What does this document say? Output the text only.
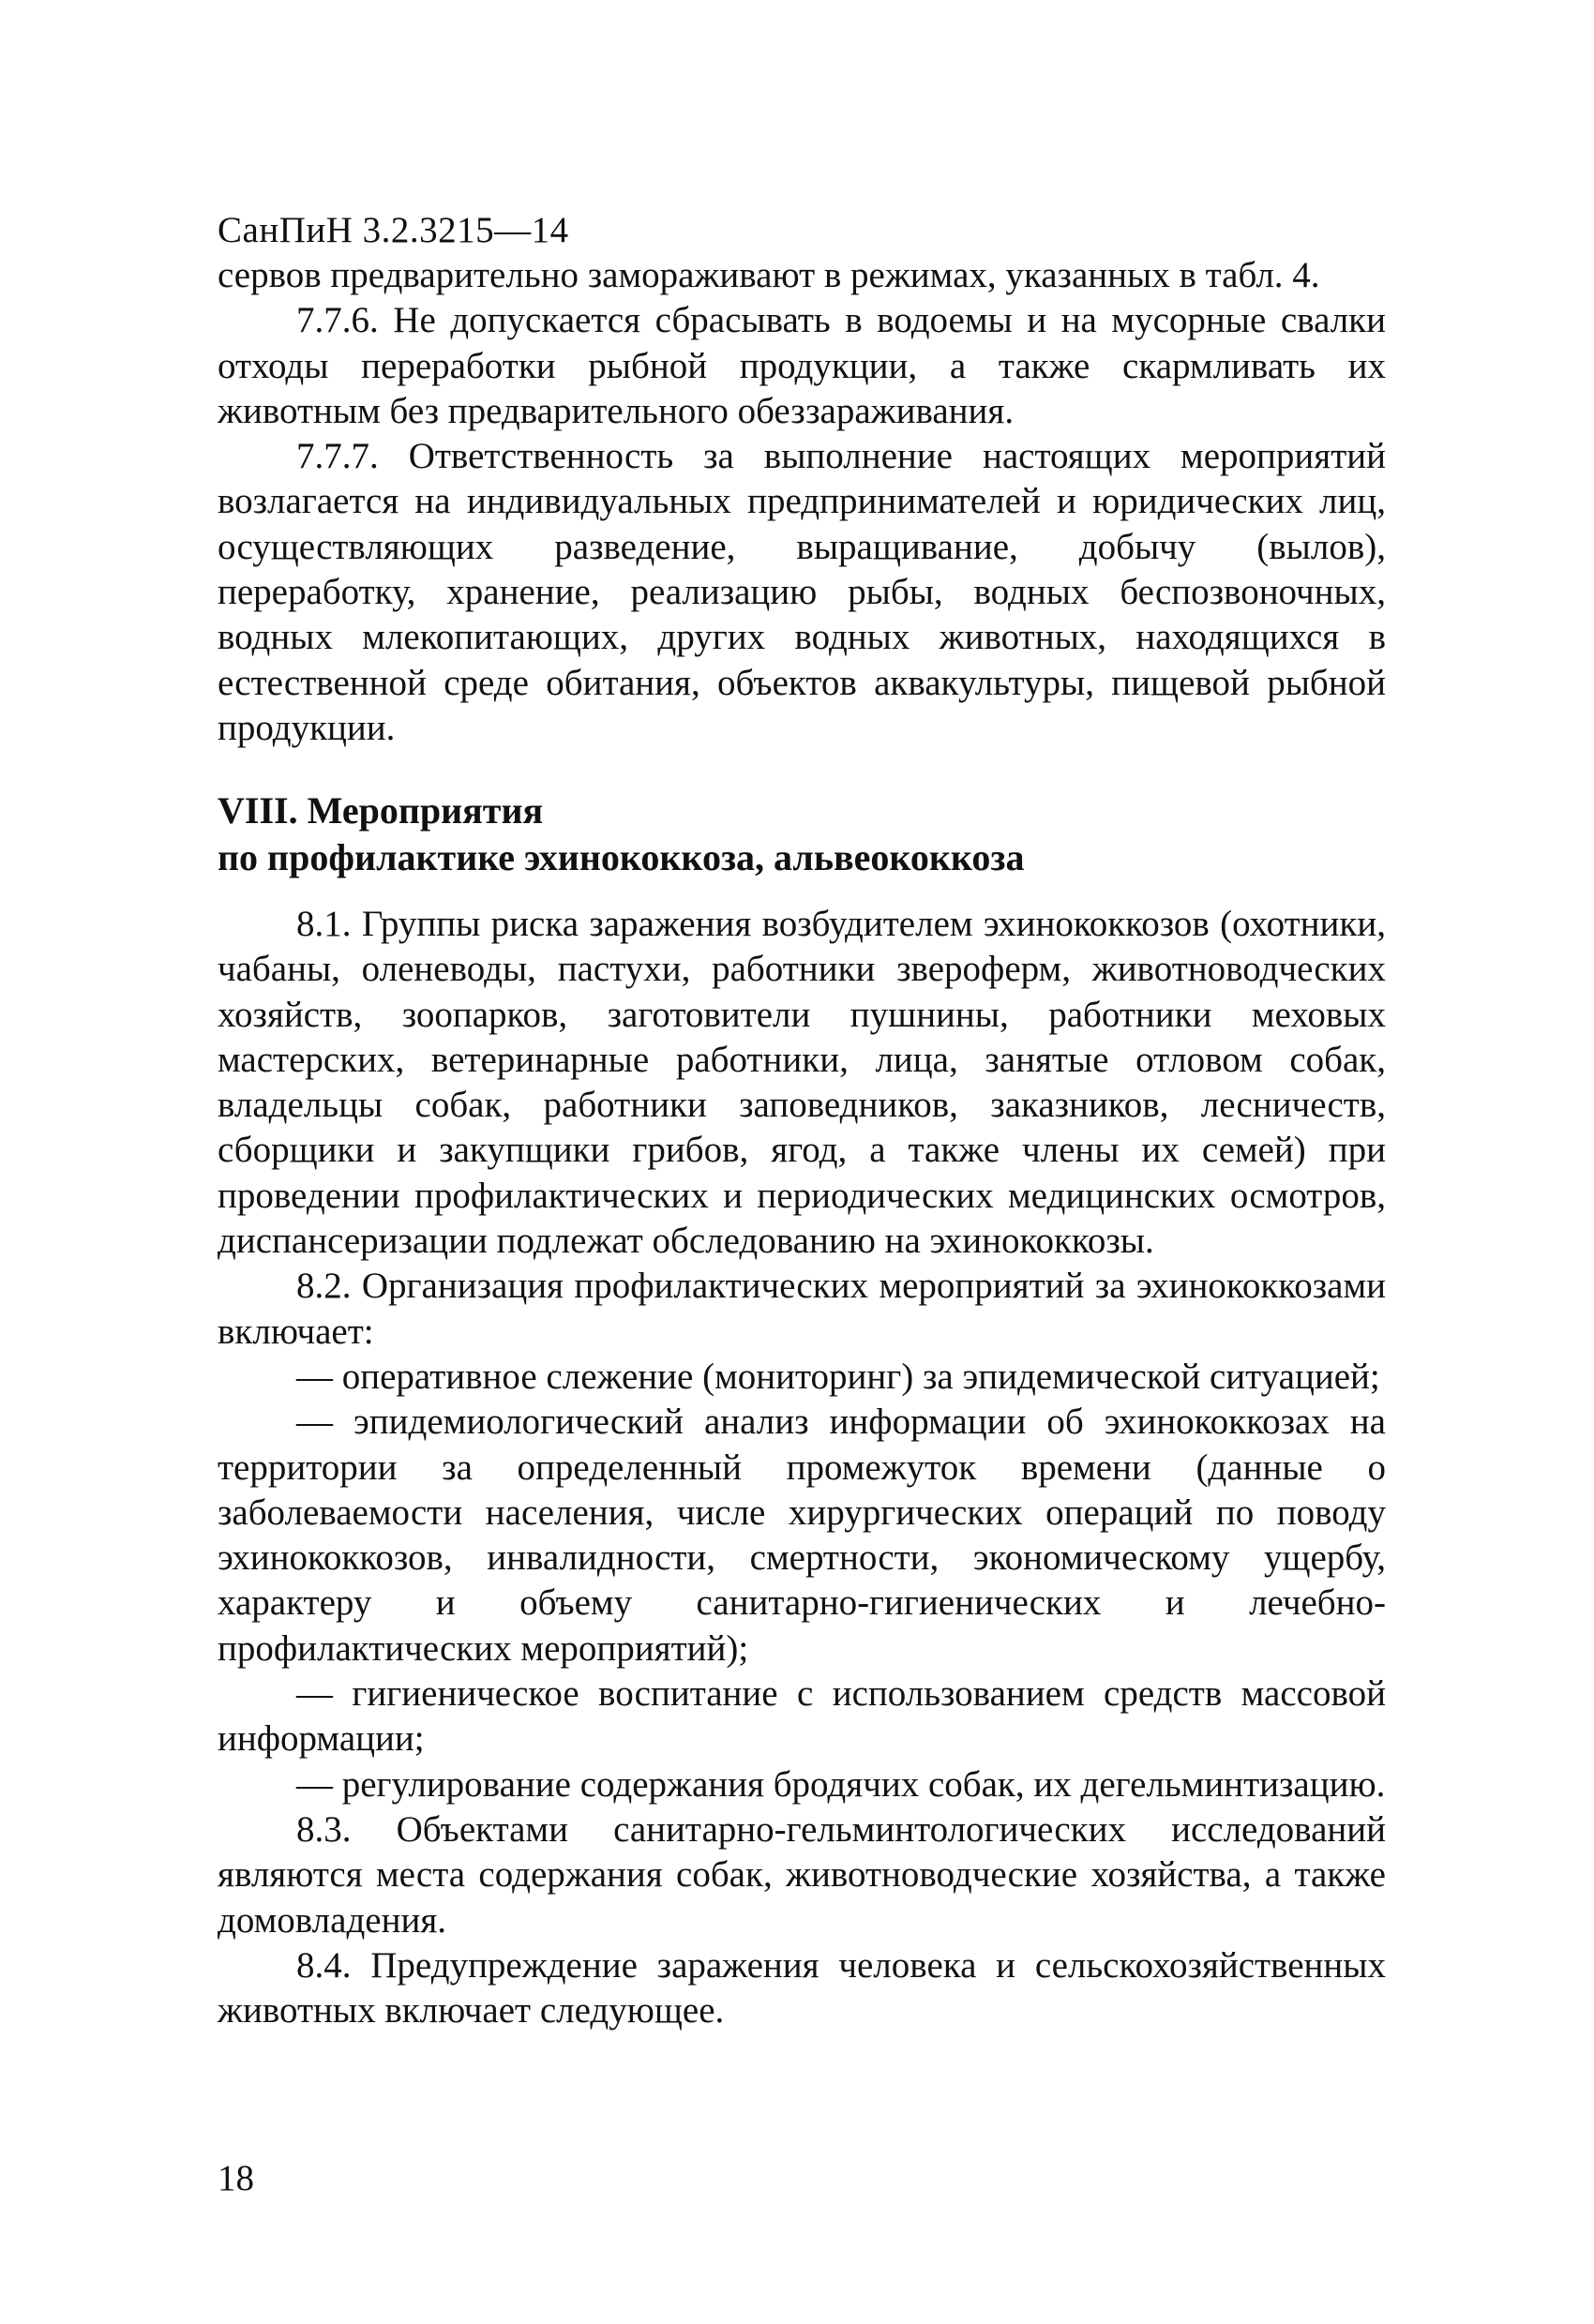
СанПиН 3.2.3215—14

сервов предварительно замораживают в режимах, указанных в табл. 4.

7.7.6. Не допускается сбрасывать в водоемы и на мусорные свалки отходы переработки рыбной продукции, а также скармливать их животным без предварительного обеззараживания.

7.7.7. Ответственность за выполнение настоящих мероприятий возлагается на индивидуальных предпринимателей и юридических лиц, осуществляющих разведение, выращивание, добычу (вылов), переработку, хранение, реализацию рыбы, водных беспозвоночных, водных млекопитающих, других водных животных, находящихся в естественной среде обитания, объектов аквакультуры, пищевой рыбной продукции.

VIII. Мероприятия

по профилактике эхинококкоза, альвеококкоза

8.1. Группы риска заражения возбудителем эхинококкозов (охотники, чабаны, оленеводы, пастухи, работники звероферм, животноводческих хозяйств, зоопарков, заготовители пушнины, работники меховых мастерских, ветеринарные работники, лица, занятые отловом собак, владельцы собак, работники заповедников, заказников, лесничеств, сборщики и закупщики грибов, ягод, а также члены их семей) при проведении профилактических и периодических медицинских осмотров, диспансеризации подлежат обследованию на эхинококкозы.

8.2. Организация профилактических мероприятий за эхинококкозами включает:

— оперативное слежение (мониторинг) за эпидемической ситуацией;

— эпидемиологический анализ информации об эхинококкозах на территории за определенный промежуток времени (данные о заболеваемости населения, числе хирургических операций по поводу эхинококкозов, инвалидности, смертности, экономическому ущербу, характеру и объему санитарно-гигиенических и лечебно-профилактических мероприятий);

— гигиеническое воспитание с использованием средств массовой информации;

— регулирование содержания бродячих собак, их дегельминтизацию.

8.3. Объектами санитарно-гельминтологических исследований являются места содержания собак, животноводческие хозяйства, а также домовладения.

8.4. Предупреждение заражения человека и сельскохозяйственных животных включает следующее.

18
